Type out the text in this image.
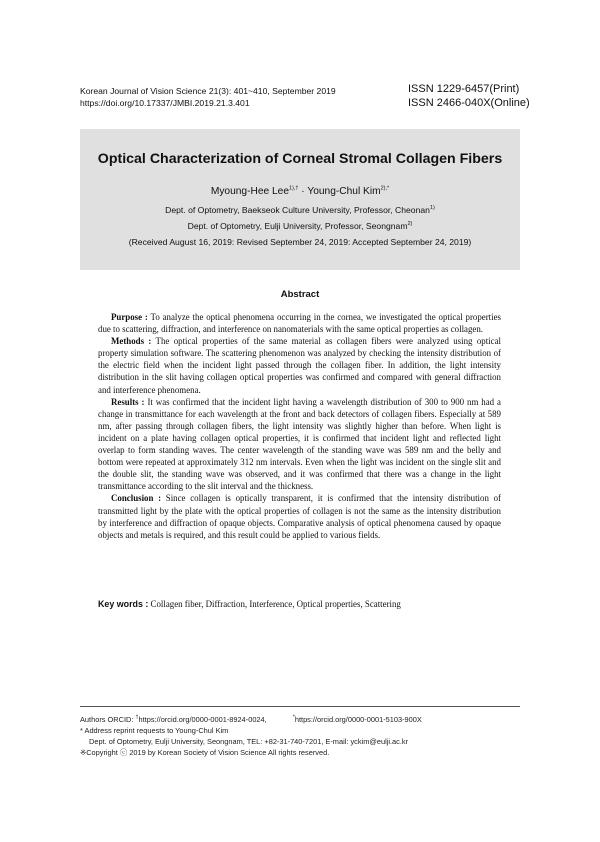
Korean Journal of Vision Science 21(3): 401~410, September 2019
https://doi.org/10.17337/JMBI.2019.21.3.401
ISSN 1229-6457(Print)
ISSN 2466-040X(Online)
Optical Characterization of Corneal Stromal Collagen Fibers
Myoung-Hee Lee$^{1),\dagger}$ · Young-Chul Kim$^{2),*}$
Dept. of Optometry, Baekseok Culture University, Professor, Cheonan$^{1)}$
Dept. of Optometry, Eulji University, Professor, Seongnam$^{2)}$
(Received August 16, 2019: Revised September 24, 2019: Accepted September 24, 2019)
Abstract

Purpose : To analyze the optical phenomena occurring in the cornea, we investigated the optical properties due to scattering, diffraction, and interference on nanomaterials with the same optical properties as collagen.

Methods : The optical properties of the same material as collagen fibers were analyzed using optical property simulation software. The scattering phenomenon was analyzed by checking the intensity distribution of the electric field when the incident light passed through the collagen fiber. In addition, the light intensity distribution in the slit having collagen optical properties was confirmed and compared with general diffraction and interference phenomena.

Results : It was confirmed that the incident light having a wavelength distribution of 300 to 900 nm had a change in transmittance for each wavelength at the front and back detectors of collagen fibers. Especially at 589 nm, after passing through collagen fibers, the light intensity was slightly higher than before. When light is incident on a plate having collagen optical properties, it is confirmed that incident light and reflected light overlap to form standing waves. The center wavelength of the standing wave was 589 nm and the belly and bottom were repeated at approximately 312 nm intervals. Even when the light was incident on the single slit and the double slit, the standing wave was observed, and it was confirmed that there was a change in the light transmittance according to the slit interval and the thickness.

Conclusion : Since collagen is optically transparent, it is confirmed that the intensity distribution of transmitted light by the plate with the optical properties of collagen is not the same as the intensity distribution by interference and diffraction of opaque objects. Comparative analysis of optical phenomena caused by opaque objects and metals is required, and this result could be applied to various fields.

Key words : Collagen fiber, Diffraction, Interference, Optical properties, Scattering
Authors ORCID: †https://orcid.org/0000-0001-8924-0024,	*https://orcid.org/0000-0001-5103-900X
* Address reprint requests to Young-Chul Kim
Dept. of Optometry, Eulji University, Seongnam, TEL: +82-31-740-7201, E-mail: yckim@eulji.ac.kr
※Copyright ⓒ 2019 by Korean Society of Vision Science All rights reserved.
